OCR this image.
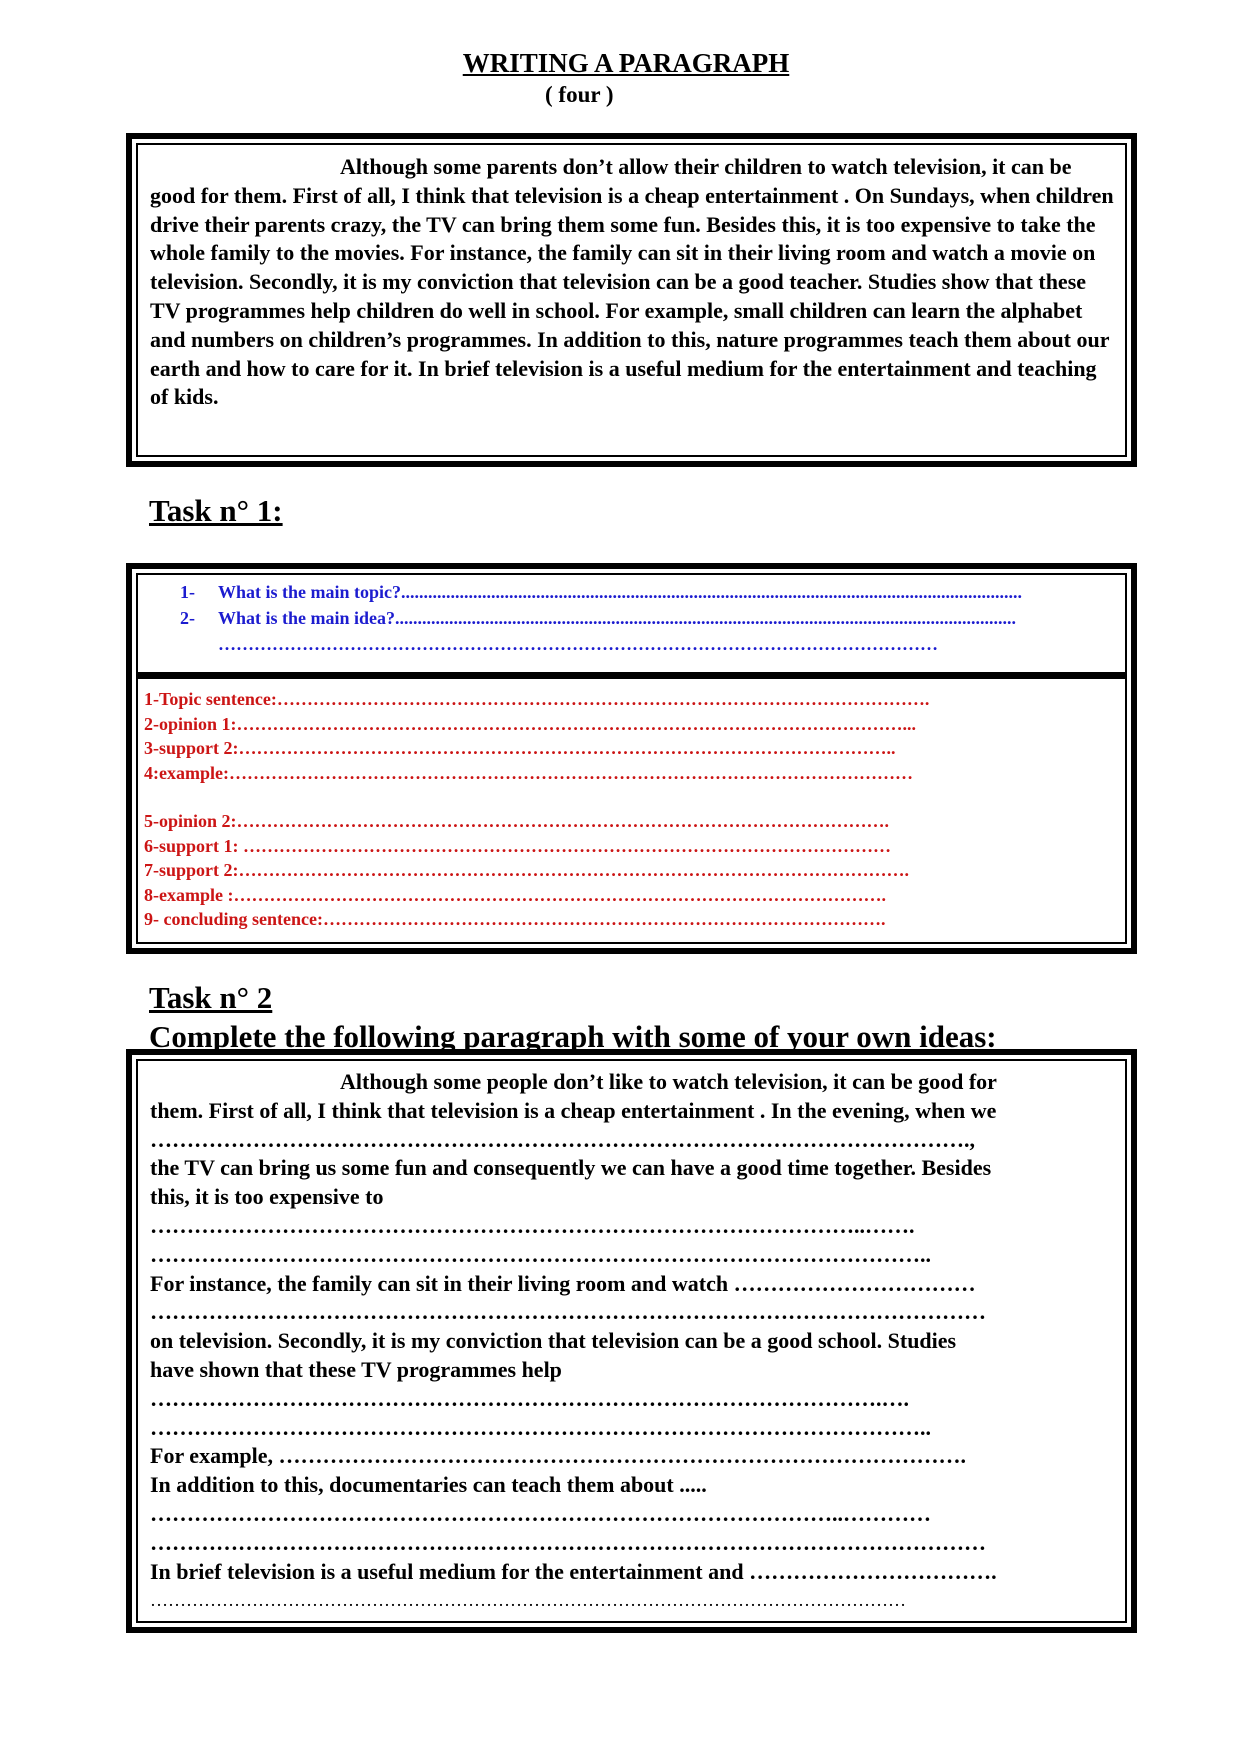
WRITING A PARAGRAPH
( four )
Although some parents don’t allow their children to watch television, it can be good for them. First of all, I think that television is a cheap entertainment . On Sundays, when children drive their parents crazy, the TV can bring them some fun. Besides this, it is too expensive to take the whole family to the movies. For instance, the family can sit in their living room and watch a movie on television. Secondly, it is my conviction that television can be a good teacher. Studies show that these TV programmes help children do well in school. For example, small children can learn the alphabet and numbers on children’s programmes. In addition to this, nature programmes teach them about our earth and how to care for it. In brief television is a useful medium for the entertainment and teaching of kids.
Task n° 1:
1- What is the main topic?..........................................................................................................................................
2- What is the main idea?..........................................................................................................................................
…………………………………………………………………………………………………………
1-Topic sentence:……………………………………………………………………………………………….
2-opinion 1:…………………………………………………………………………………………………...
3-support 2:………………………………………………………………………………………………..
4:example:……………………………………………………………………………………………………
5-opinion 2:……………………………………………………………………………………………….
6-support 1: ………………………………………………………………………………………………
7-support 2:………………………………………………………………………………………………….
8-example :……………………………………………………………………………………………….
9- concluding sentence:………………………………………………………………………………….
Task n° 2
Complete the following paragraph with some of your own ideas:
Although some people don’t like to watch television, it can be good for
them. First of all, I think that television is a cheap entertainment . In the evening, when we
………………………………………………………………………………………………….,
the TV can bring us some fun and consequently we can have a good time together. Besides
this, it is too expensive to
……………………………………………………………………………………..…….
……………………………………………………………………………………………..
For instance, the family can sit in their living room and watch ……………………………
……………………………………………………………………………………………………
on television. Secondly, it is my conviction that television can be a good school. Studies
have shown that these TV programmes help
……………………………………………………………………………………….….
……………………………………………………………………………………………..
For example, ………………………………………………………………………………….
In addition to this, documentaries can teach them about .....
…………………………………………………………………………………..…………
……………………………………………………………………………………………………
In brief television is a useful medium for the entertainment and …………………………….
………………………………………………………………………………………………………………
